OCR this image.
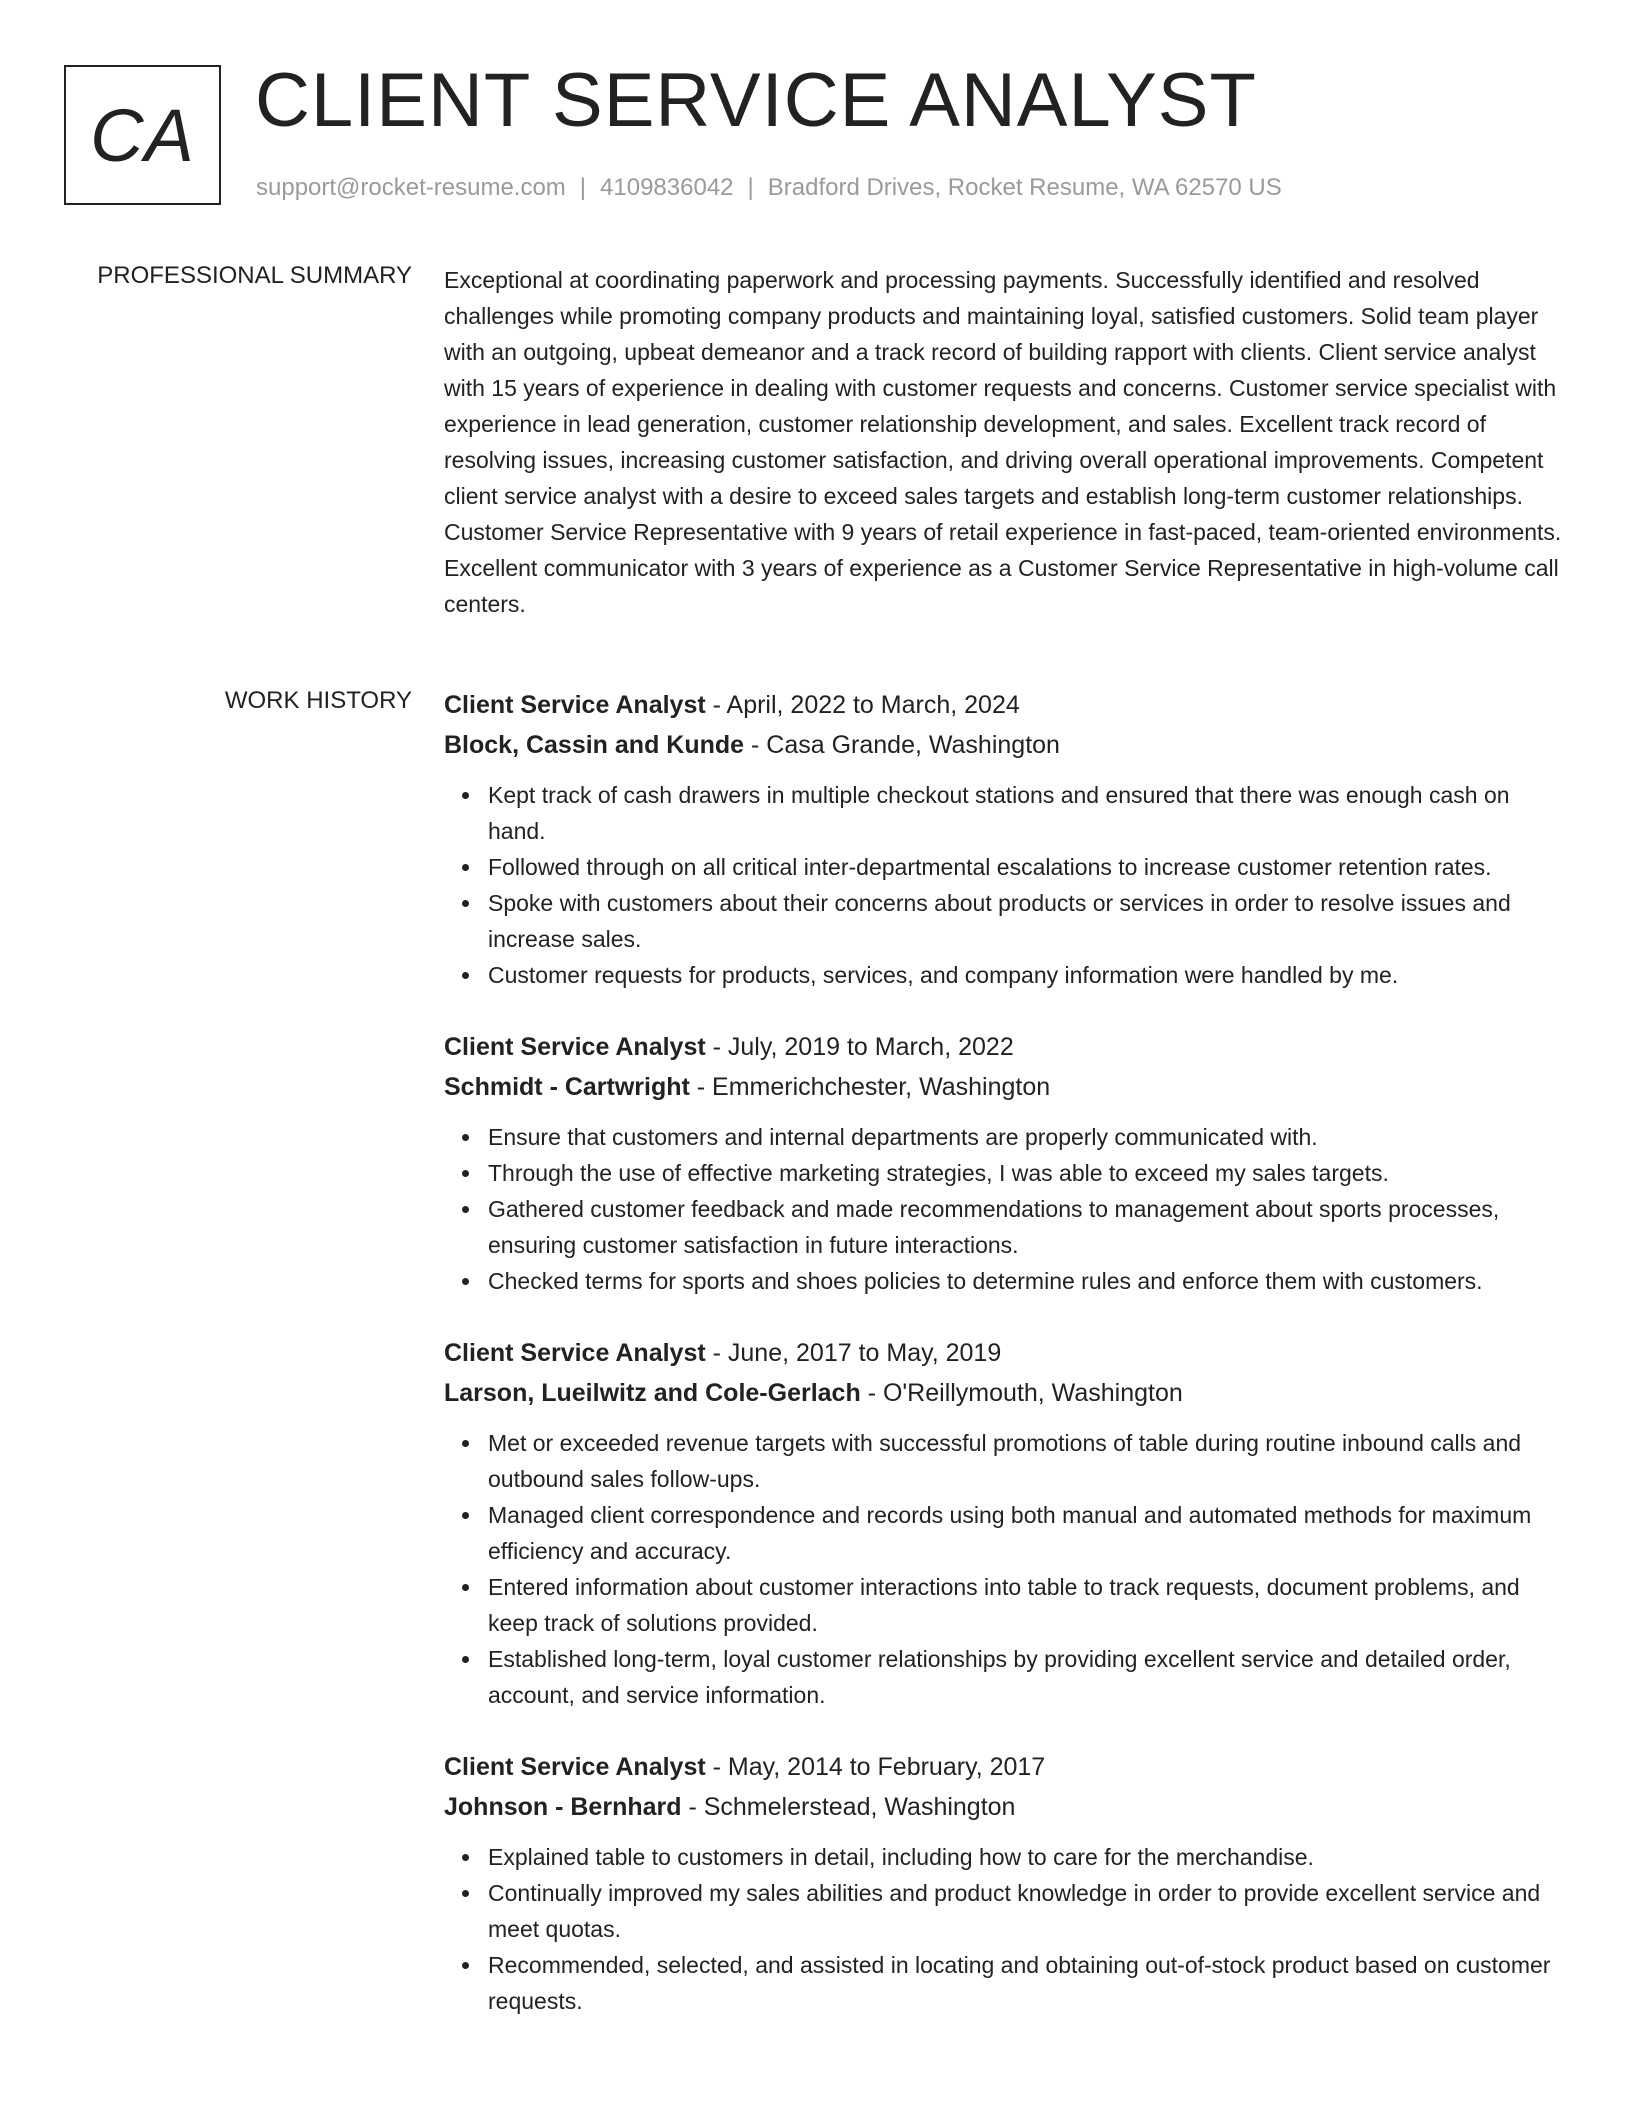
CA CLIENT SERVICE ANALYST
support@rocket-resume.com | 4109836042 | Bradford Drives, Rocket Resume, WA 62570 US
PROFESSIONAL SUMMARY Exceptional at coordinating paperwork and processing payments. Successfully identified and resolved challenges while promoting company products and maintaining loyal, satisfied customers. Solid team player with an outgoing, upbeat demeanor and a track record of building rapport with clients. Client service analyst with 15 years of experience in dealing with customer requests and concerns. Customer service specialist with experience in lead generation, customer relationship development, and sales. Excellent track record of resolving issues, increasing customer satisfaction, and driving overall operational improvements. Competent client service analyst with a desire to exceed sales targets and establish long-term customer relationships. Customer Service Representative with 9 years of retail experience in fast-paced, team-oriented environments. Excellent communicator with 3 years of experience as a Customer Service Representative in high-volume call centers.

WORK HISTORY Client Service Analyst - April, 2022 to March, 2024
Block, Cassin and Kunde - Casa Grande, Washington
Kept track of cash drawers in multiple checkout stations and ensured that there was enough cash on hand.
Followed through on all critical inter-departmental escalations to increase customer retention rates.
Spoke with customers about their concerns about products or services in order to resolve issues and increase sales.
Customer requests for products, services, and company information were handled by me.
Client Service Analyst - July, 2019 to March, 2022
Schmidt - Cartwright - Emmerichchester, Washington
Ensure that customers and internal departments are properly communicated with.
Through the use of effective marketing strategies, I was able to exceed my sales targets.
Gathered customer feedback and made recommendations to management about sports processes, ensuring customer satisfaction in future interactions.
Checked terms for sports and shoes policies to determine rules and enforce them with customers.
Client Service Analyst - June, 2017 to May, 2019
Larson, Lueilwitz and Cole-Gerlach - O'Reillymouth, Washington
Met or exceeded revenue targets with successful promotions of table during routine inbound calls and outbound sales follow-ups.
Managed client correspondence and records using both manual and automated methods for maximum efficiency and accuracy.
Entered information about customer interactions into table to track requests, document problems, and keep track of solutions provided.
Established long-term, loyal customer relationships by providing excellent service and detailed order, account, and service information.
Client Service Analyst - May, 2014 to February, 2017
Johnson - Bernhard - Schmelerstead, Washington
Explained table to customers in detail, including how to care for the merchandise.
Continually improved my sales abilities and product knowledge in order to provide excellent service and meet quotas.
Recommended, selected, and assisted in locating and obtaining out-of-stock product based on customer requests.
